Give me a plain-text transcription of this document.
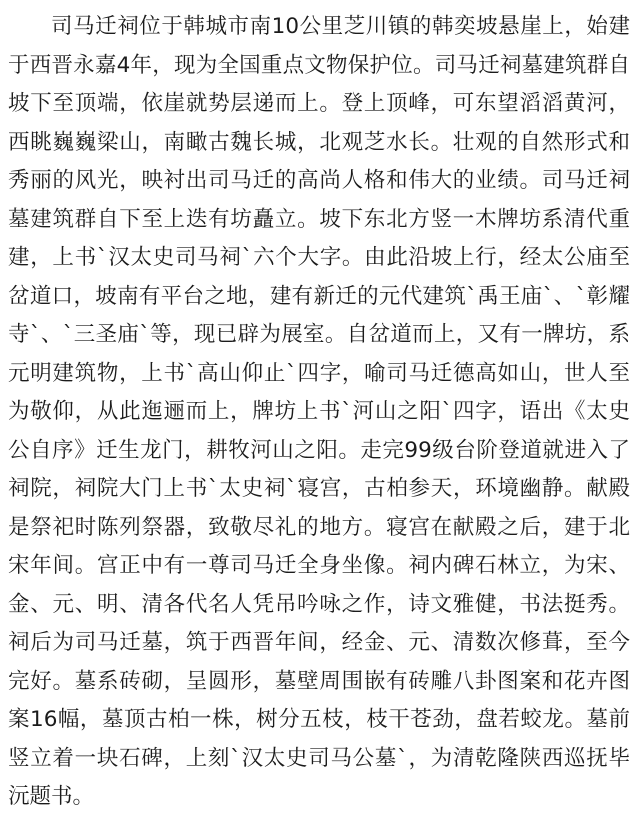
司马迁祠位于韩城市南10公里芝川镇的韩奕坡悬崖上，始建于西晋永嘉4年，现为全国重点文物保护位。司马迁祠墓建筑群自坡下至顶端，依崖就势层递而上。登上顶峰，可东望滔滔黄河，西眺巍巍梁山，南瞰古魏长城，北观芝水长。壮观的自然形式和秀丽的风光，映衬出司马迁的高尚人格和伟大的业绩。司马迁祠墓建筑群自下至上迭有坊矗立。坡下东北方竖一木牌坊系清代重建，上书`汉太史司马祠`六个大字。由此沿坡上行，经太公庙至岔道口，坡南有平台之地，建有新迁的元代建筑`禹王庙`、`彰耀寺`、`三圣庙`等，现已辟为展室。自岔道而上，又有一牌坊，系元明建筑物，上书`高山仰止`四字，喻司马迁德高如山，世人至为敬仰，从此迤逦而上，牌坊上书`河山之阳`四字，语出《太史公自序》迁生龙门，耕牧河山之阳。走完99级台阶登道就进入了祠院，祠院大门上书`太史祠`寝宫，古柏参天，环境幽静。献殿是祭祀时陈列祭器，致敬尽礼的地方。寝宫在献殿之后，建于北宋年间。宫正中有一尊司马迁全身坐像。祠内碑石林立，为宋、金、元、明、清各代名人凭吊吟咏之作，诗文雅健，书法挺秀。祠后为司马迁墓，筑于西晋年间，经金、元、清数次修葺，至今完好。墓系砖砌，呈圆形，墓壁周围嵌有砖雕八卦图案和花卉图案16幅，墓顶古柏一株，树分五枝，枝干苍劲，盘若蛟龙。墓前竖立着一块石碑，上刻`汉太史司马公墓`，为清乾隆陕西巡抚毕沅题书。
